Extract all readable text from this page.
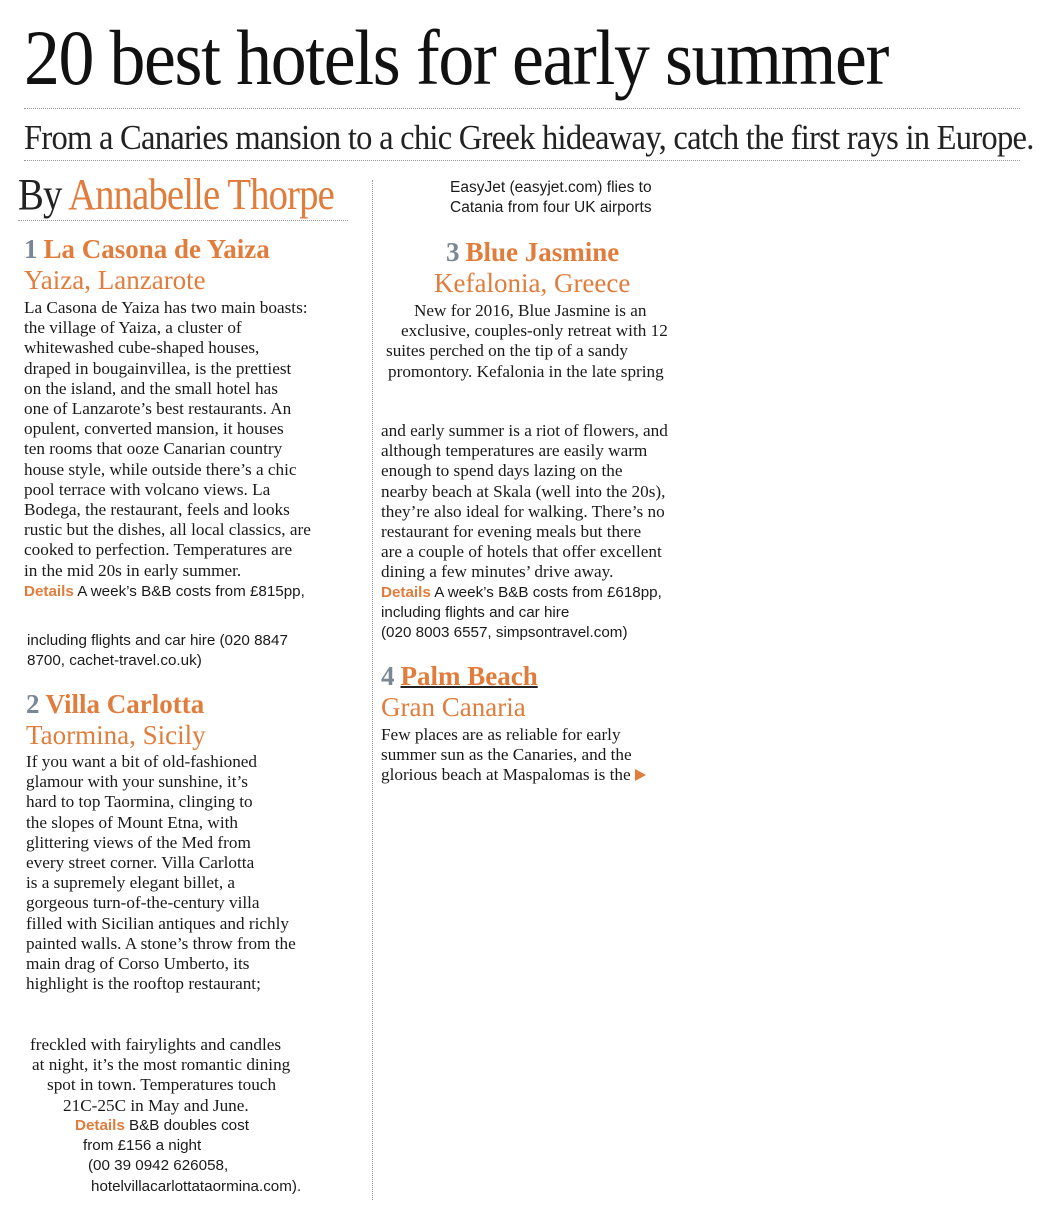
20 best hotels for early summer
From a Canaries mansion to a chic Greek hideaway, catch the first rays in Europe.
By Annabelle Thorpe	EasyJet (easyjet.com) flies to
Catania from four UK airports
1 La Casona de Yaiza
Yaiza, Lanzarote
La Casona de Yaiza has two main boasts:
the village of Yaiza, a cluster of
whitewashed cube-shaped houses,
draped in bougainvillea, is the prettiest
on the island, and the small hotel has
one of Lanzarote’s best restaurants. An
opulent, converted mansion, it houses
ten rooms that ooze Canarian country
house style, while outside there’s a chic
pool terrace with volcano views. La
Bodega, the restaurant, feels and looks
rustic but the dishes, all local classics, are
cooked to perfection. Temperatures are
in the mid 20s in early summer.
Details A week’s B&B costs from £815pp,
including flights and car hire (020 8847
8700, cachet-travel.co.uk)
2 Villa Carlotta
Taormina, Sicily
If you want a bit of old-fashioned
glamour with your sunshine, it’s
hard to top Taormina, clinging to
the slopes of Mount Etna, with
glittering views of the Med from
every street corner. Villa Carlotta
is a supremely elegant billet, a
gorgeous turn-of-the-century villa
filled with Sicilian antiques and richly
painted walls. A stone’s throw from the
main drag of Corso Umberto, its
highlight is the rooftop restaurant;
freckled with fairylights and candles
at night, it’s the most romantic dining
spot in town. Temperatures touch
21C-25C in May and June.
Details B&B doubles cost
from £156 a night
(00 39 0942 626058,
hotelvillacarlottataormina.com).
3 Blue Jasmine
Kefalonia, Greece
New for 2016, Blue Jasmine is an
exclusive, couples-only retreat with 12
suites perched on the tip of a sandy
promontory. Kefalonia in the late spring
and early summer is a riot of flowers, and
although temperatures are easily warm
enough to spend days lazing on the
nearby beach at Skala (well into the 20s),
they’re also ideal for walking. There’s no
restaurant for evening meals but there
are a couple of hotels that offer excellent
dining a few minutes’ drive away.
Details A week’s B&B costs from £618pp,
including flights and car hire
(020 8003 6557, simpsontravel.com)
4 Palm Beach
Gran Canaria
Few places are as reliable for early
summer sun as the Canaries, and the
glorious beach at Maspalomas is the
